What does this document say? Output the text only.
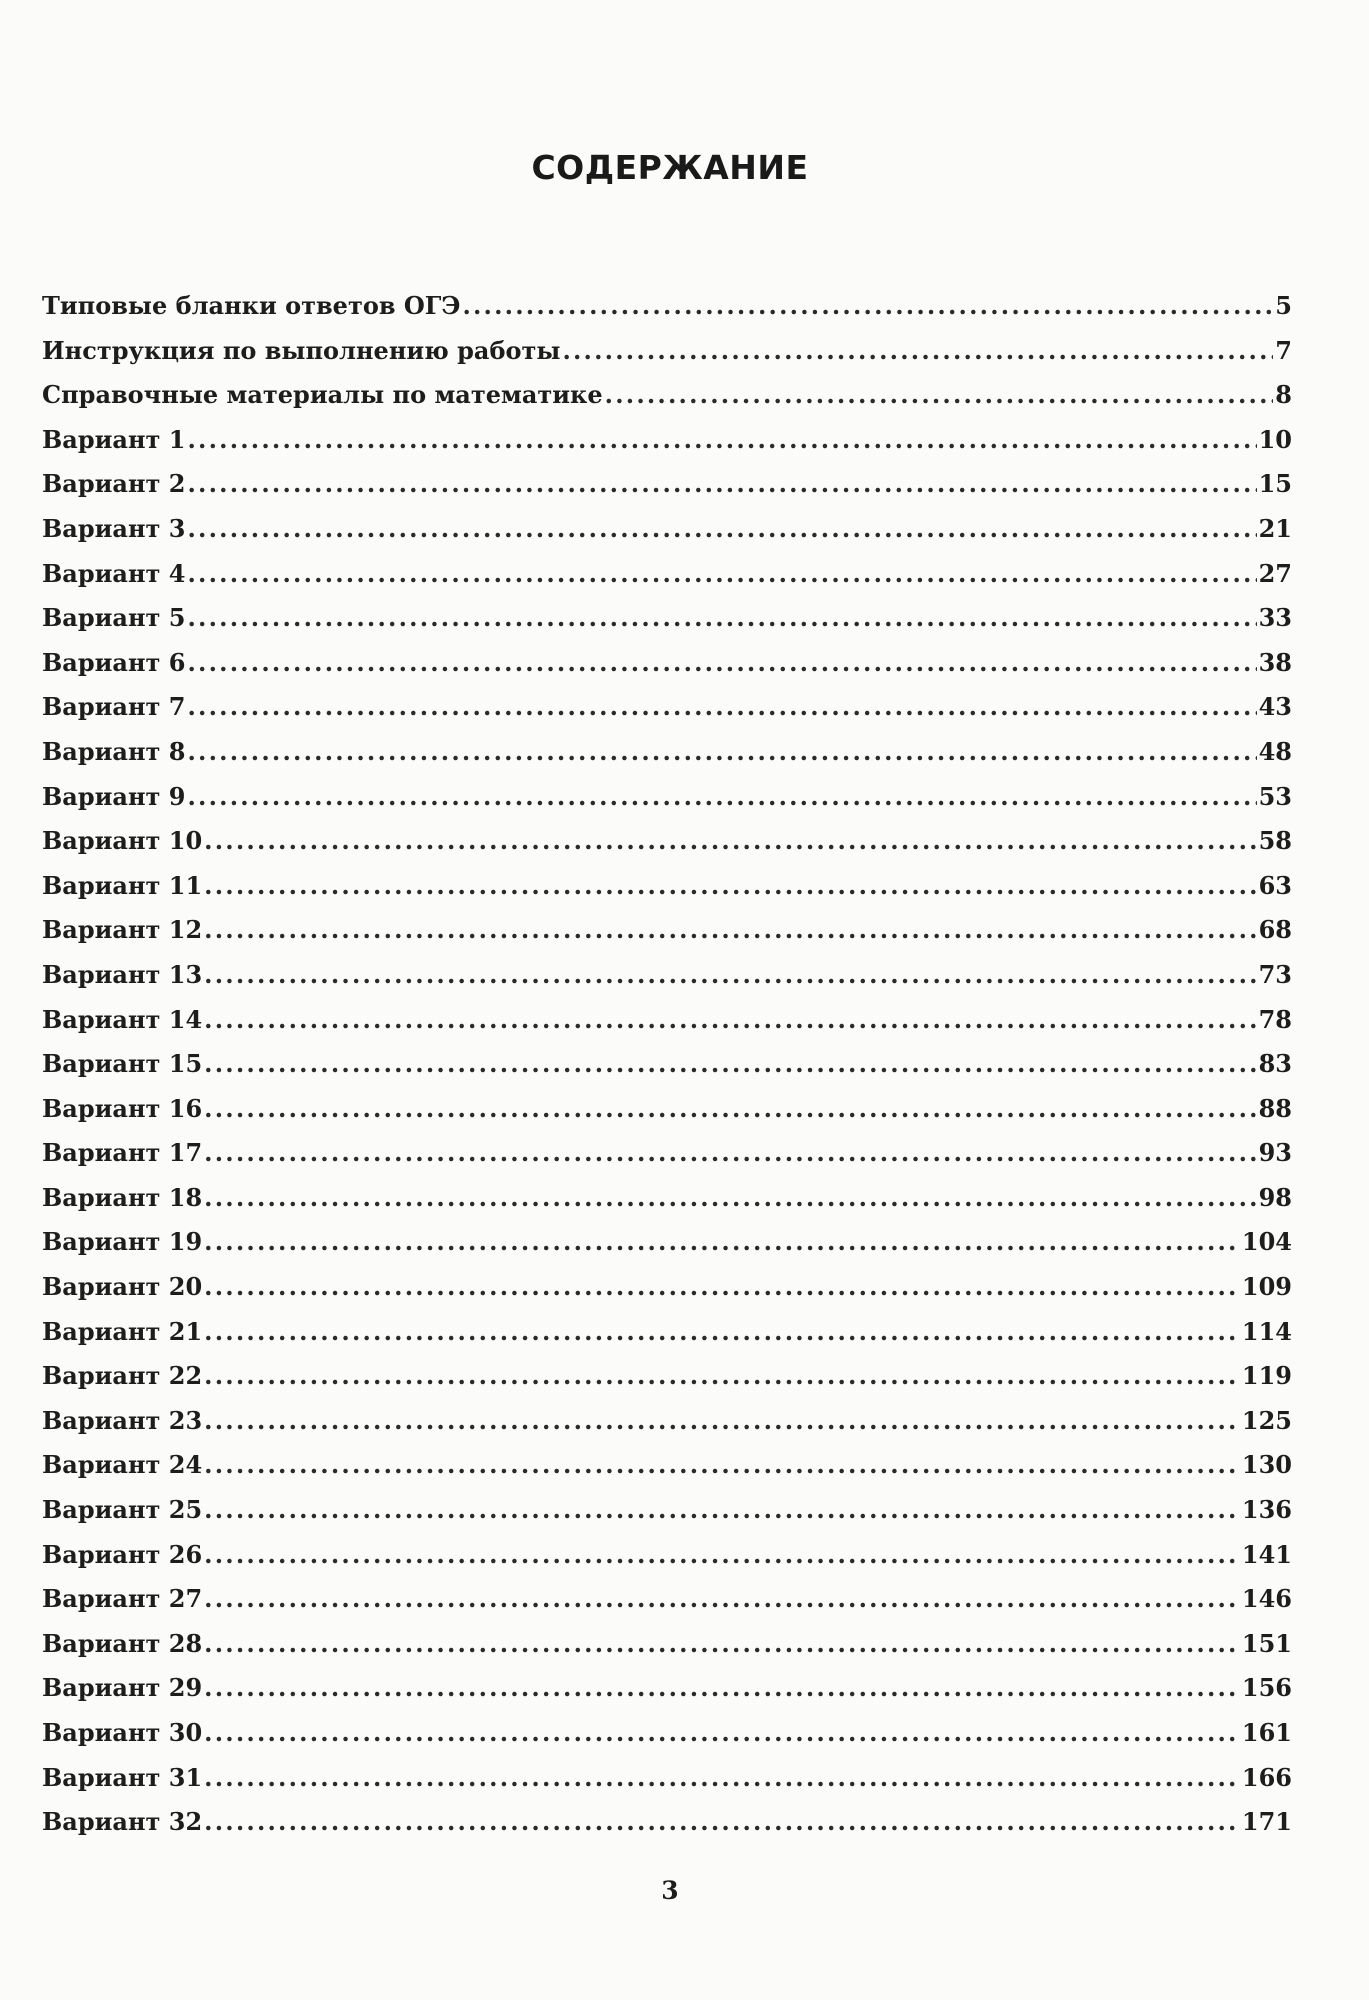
СОДЕРЖАНИЕ
Типовые бланки ответов ОГЭ .....	5
Инструкция по выполнению работы .....	7
Справочные материалы по математике .....	8
Вариант 1 .....	10
Вариант 2 .....	15
Вариант 3 .....	21
Вариант 4 .....	27
Вариант 5 .....	33
Вариант 6 .....	38
Вариант 7 .....	43
Вариант 8 .....	48
Вариант 9 .....	53
Вариант 10 .....	58
Вариант 11 .....	63
Вариант 12 .....	68
Вариант 13 .....	73
Вариант 14 .....	78
Вариант 15 .....	83
Вариант 16 .....	88
Вариант 17 .....	93
Вариант 18 .....	98
Вариант 19 .....	104
Вариант 20 .....	109
Вариант 21 .....	114
Вариант 22 .....	119
Вариант 23 .....	125
Вариант 24 .....	130
Вариант 25 .....	136
Вариант 26 .....	141
Вариант 27 .....	146
Вариант 28 .....	151
Вариант 29 .....	156
Вариант 30 .....	161
Вариант 31 .....	166
Вариант 32 .....	171
3
